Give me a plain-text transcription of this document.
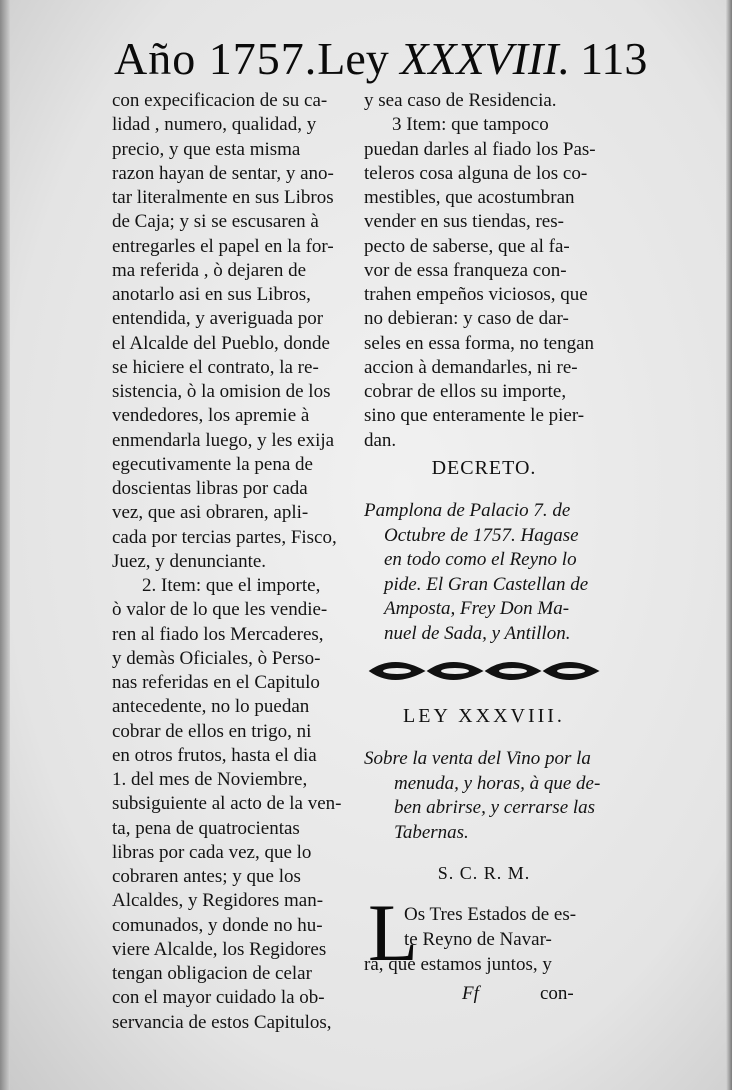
Año 1757.Ley XXXVIII. 113
con expecificacion de su ca-
lidad , numero, qualidad, y
precio, y que esta misma
razon hayan de sentar, y ano-
tar literalmente en sus Libros
de Caja; y si se escusaren à
entregarles el papel en la for-
ma referida , ò dejaren de
anotarlo asi en sus Libros,
entendida, y averiguada por
el Alcalde del Pueblo, donde
se hiciere el contrato, la re-
sistencia, ò la omision de los
vendedores, los apremie à
enmendarla luego, y les exija
egecutivamente la pena de
doscientas libras por cada
vez, que asi obraren, apli-
cada por tercias partes, Fisco,
Juez, y denunciante.
2. Item: que el importe,
ò valor de lo que les vendie-
ren al fiado los Mercaderes,
y demàs Oficiales, ò Perso-
nas referidas en el Capitulo
antecedente, no lo puedan
cobrar de ellos en trigo, ni
en otros frutos, hasta el dia
1. del mes de Noviembre,
subsiguiente al acto de la ven-
ta, pena de quatrocientas
libras por cada vez, que lo
cobraren antes; y que los
Alcaldes, y Regidores man-
comunados, y donde no hu-
viere Alcalde, los Regidores
tengan obligacion de celar
con el mayor cuidado la ob-
servancia de estos Capitulos,
y sea caso de Residencia.
3 Item: que tampoco
puedan darles al fiado los Pas-
teleros cosa alguna de los co-
mestibles, que acostumbran
vender en sus tiendas, res-
pecto de saberse, que al fa-
vor de essa franqueza con-
trahen empeños viciosos, que
no debieran: y caso de dar-
seles en essa forma, no tengan
accion à demandarles, ni re-
cobrar de ellos su importe,
sino que enteramente le pier-
dan.
DECRETO.
Pamplona de Palacio 7. de
Octubre de 1757. Hagase
en todo como el Reyno lo
pide. El Gran Castellan de
Amposta, Frey Don Ma-
nuel de Sada, y Antillon.
LEY XXXVIII.
Sobre la venta del Vino por la
menuda, y horas, à que de-
ben abrirse, y cerrarse las
Tabernas.
S. C. R. M.
L
Os Tres Estados de es-
te Reyno de Navar-
ra, que estamos juntos, y
Ff	con-
